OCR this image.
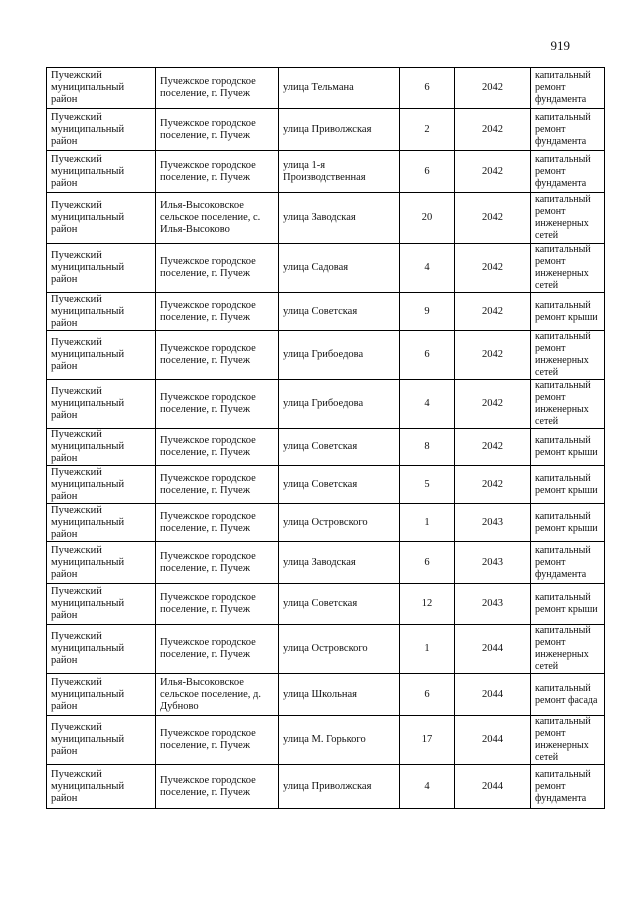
919
Пучежский муниципальный район	Пучежское городское поселение, г. Пучеж	улица Тельмана	6	2042	капитальный ремонт фундамента
Пучежский муниципальный район	Пучежское городское поселение, г. Пучеж	улица Приволжская	2	2042	капитальный ремонт фундамента
Пучежский муниципальный район	Пучежское городское поселение, г. Пучеж	улица 1-я Производственная	6	2042	капитальный ремонт фундамента
Пучежский муниципальный район	Илья-Высоковское сельское поселение, с. Илья-Высоково	улица Заводская	20	2042	капитальный ремонт инженерных сетей
Пучежский муниципальный район	Пучежское городское поселение, г. Пучеж	улица Садовая	4	2042	капитальный ремонт инженерных сетей
Пучежский муниципальный район	Пучежское городское поселение, г. Пучеж	улица Советская	9	2042	капитальный ремонт крыши
Пучежский муниципальный район	Пучежское городское поселение, г. Пучеж	улица Грибоедова	6	2042	капитальный ремонт инженерных сетей
Пучежский муниципальный район	Пучежское городское поселение, г. Пучеж	улица Грибоедова	4	2042	капитальный ремонт инженерных сетей
Пучежский муниципальный район	Пучежское городское поселение, г. Пучеж	улица Советская	8	2042	капитальный ремонт крыши
Пучежский муниципальный район	Пучежское городское поселение, г. Пучеж	улица Советская	5	2042	капитальный ремонт крыши
Пучежский муниципальный район	Пучежское городское поселение, г. Пучеж	улица Островского	1	2043	капитальный ремонт крыши
Пучежский муниципальный район	Пучежское городское поселение, г. Пучеж	улица Заводская	6	2043	капитальный ремонт фундамента
Пучежский муниципальный район	Пучежское городское поселение, г. Пучеж	улица Советская	12	2043	капитальный ремонт крыши
Пучежский муниципальный район	Пучежское городское поселение, г. Пучеж	улица Островского	1	2044	капитальный ремонт инженерных сетей
Пучежский муниципальный район	Илья-Высоковское сельское поселение, д. Дубново	улица Школьная	6	2044	капитальный ремонт фасада
Пучежский муниципальный район	Пучежское городское поселение, г. Пучеж	улица М. Горького	17	2044	капитальный ремонт инженерных сетей
Пучежский муниципальный район	Пучежское городское поселение, г. Пучеж	улица Приволжская	4	2044	капитальный ремонт фундамента
